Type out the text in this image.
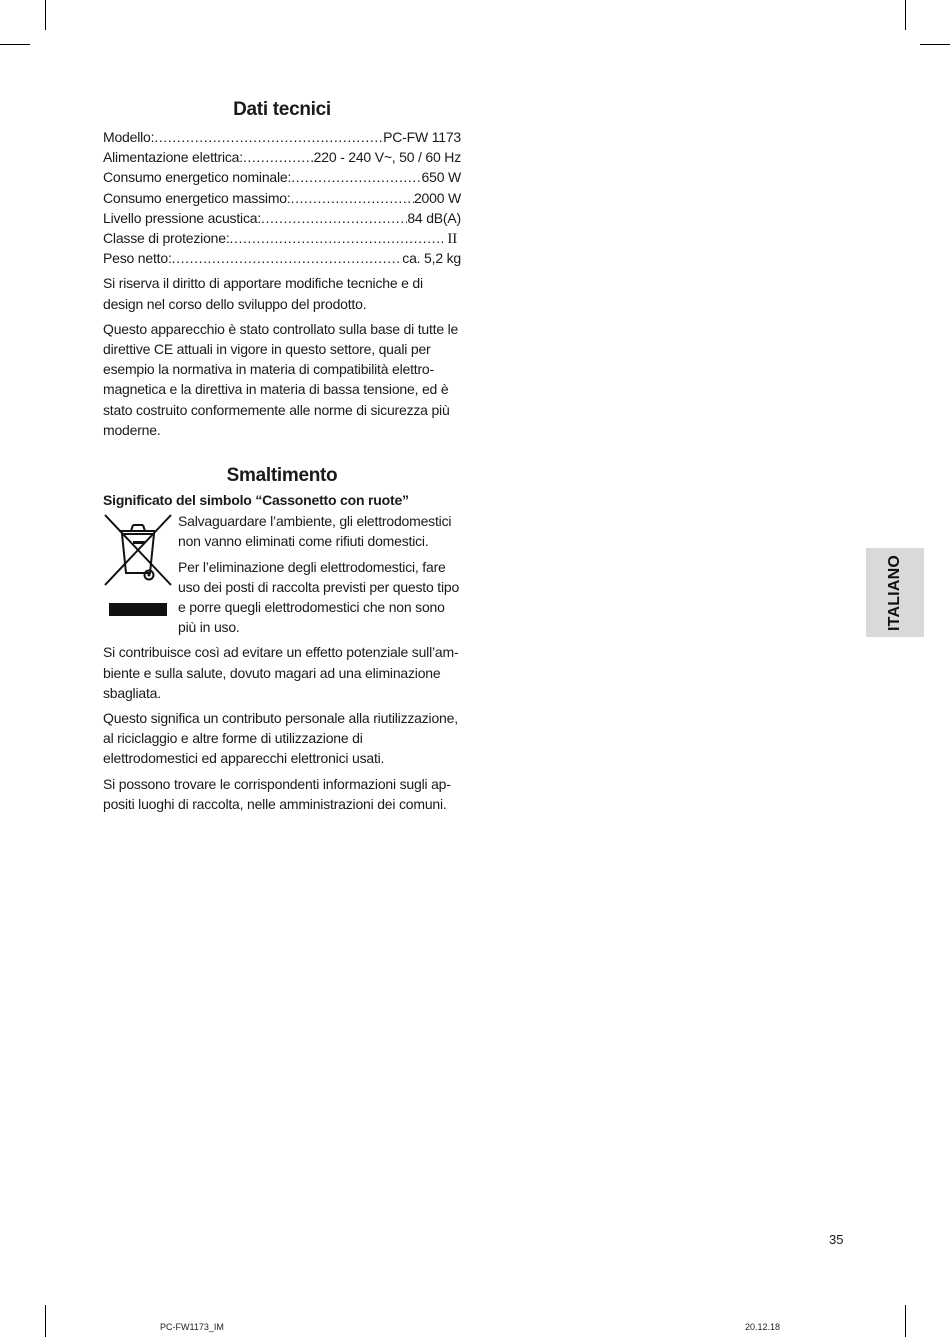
Dati tecnici
Modello: .....	PC-FW 1173
Alimentazione elettrica: .....	220 - 240 V~, 50 / 60 Hz
Consumo energetico nominale: .....	650 W
Consumo energetico massimo: .....	2000 W
Livello pressione acustica: .....	84 dB(A)
Classe di protezione: .....	II
Peso netto: .....	ca. 5,2 kg

Si riserva il diritto di apportare modifiche tecniche e di design nel corso dello sviluppo del prodotto.

Questo apparecchio è stato controllato sulla base di tutte le direttive CE attuali in vigore in questo settore, quali per esempio la normativa in materia di compatibilità elettro-magnetica e la direttiva in materia di bassa tensione, ed è stato costruito conformemente alle norme di sicurezza più moderne.

Smaltimento
Significato del simbolo “Cassonetto con ruote”

Salvaguardare l’ambiente, gli elettrodomestici non vanno eliminati come rifiuti domestici.

Per l’eliminazione degli elettrodomestici, fare uso dei posti di raccolta previsti per questo tipo e porre quegli elettrodomestici che non sono più in uso.

Si contribuisce così ad evitare un effetto potenziale sull’am-biente e sulla salute, dovuto magari ad una eliminazione sbagliata.

Questo significa un contributo personale alla riutilizzazione, al riciclaggio e altre forme di utilizzazione di elettrodomestici ed apparecchi elettronici usati.

Si possono trovare le corrispondenti informazioni sugli ap-positi luoghi di raccolta, nelle amministrazioni dei comuni.

ITALIANO
35
PC-FW1173_IM	20.12.18
